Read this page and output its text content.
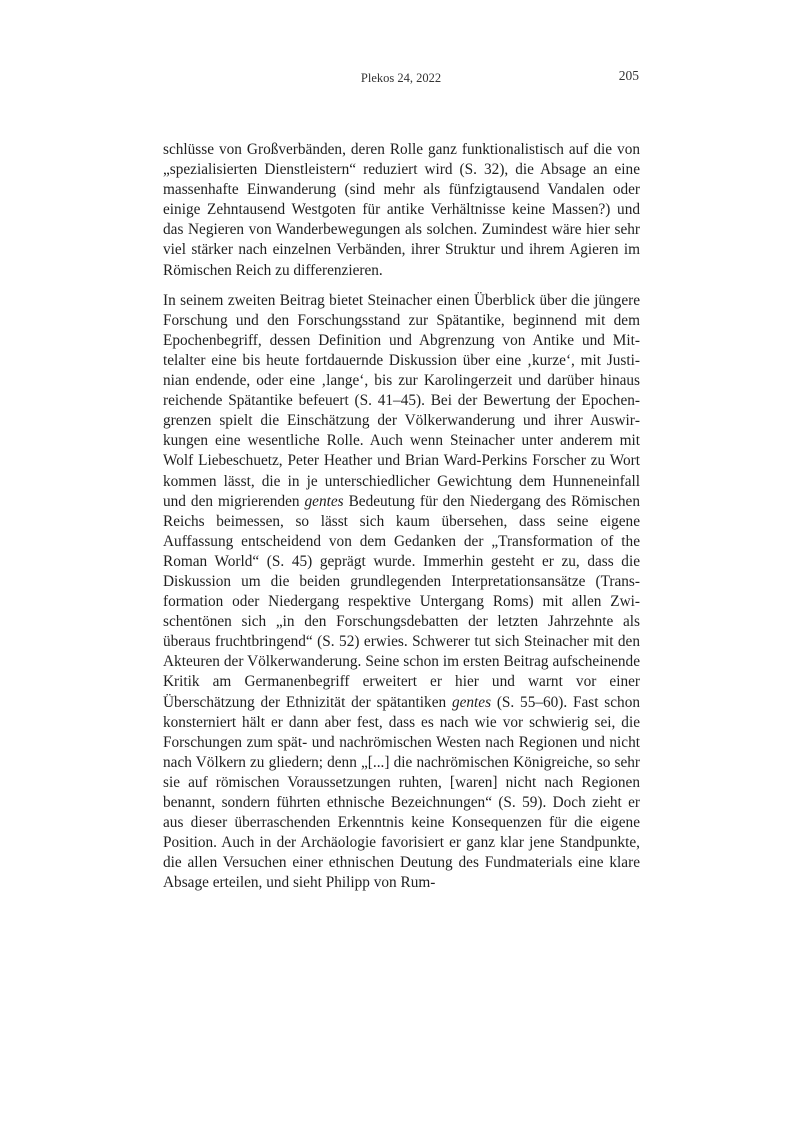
Plekos 24, 2022	205

schlüsse von Großverbänden, deren Rolle ganz funktionalistisch auf die von „spezialisierten Dienstleistern“ reduziert wird (S. 32), die Absage an eine massenhafte Einwanderung (sind mehr als fünfzigtausend Vandalen oder einige Zehntausend Westgoten für antike Verhältnisse keine Massen?) und das Negieren von Wanderbewegungen als solchen. Zumindest wäre hier sehr viel stärker nach einzelnen Verbänden, ihrer Struktur und ihrem Agieren im Römischen Reich zu differenzieren.

In seinem zweiten Beitrag bietet Steinacher einen Überblick über die jüngere Forschung und den Forschungsstand zur Spätantike, beginnend mit dem Epochenbegriff, dessen Definition und Abgrenzung von Antike und Mittelalter eine bis heute fortdauernde Diskussion über eine ‚kurze‘, mit Justinian endende, oder eine ‚lange‘, bis zur Karolingerzeit und darüber hinaus reichende Spätantike befeuert (S. 41–45). Bei der Bewertung der Epochengrenzen spielt die Einschätzung der Völkerwanderung und ihrer Auswirkungen eine wesentliche Rolle. Auch wenn Steinacher unter anderem mit Wolf Liebeschuetz, Peter Heather und Brian Ward-Perkins Forscher zu Wort kommen lässt, die in je unterschiedlicher Gewichtung dem Hunneneinfall und den migrierenden gentes Bedeutung für den Niedergang des Römischen Reichs beimessen, so lässt sich kaum übersehen, dass seine eigene Auffassung entscheidend von dem Gedanken der „Transformation of the Roman World“ (S. 45) geprägt wurde. Immerhin gesteht er zu, dass die Diskussion um die beiden grundlegenden Interpretationsansätze (Transformation oder Niedergang respektive Untergang Roms) mit allen Zwischentönen sich „in den Forschungsdebatten der letzten Jahrzehnte als überaus fruchtbringend“ (S. 52) erwies. Schwerer tut sich Steinacher mit den Akteuren der Völkerwanderung. Seine schon im ersten Beitrag aufscheinende Kritik am Germanenbegriff erweitert er hier und warnt vor einer Überschätzung der Ethnizität der spätantiken gentes (S. 55–60). Fast schon konsterniert hält er dann aber fest, dass es nach wie vor schwierig sei, die Forschungen zum spät- und nachrömischen Westen nach Regionen und nicht nach Völkern zu gliedern; denn „[...] die nachrömischen Königreiche, so sehr sie auf römischen Voraussetzungen ruhten, [waren] nicht nach Regionen benannt, sondern führten ethnische Bezeichnungen“ (S. 59). Doch zieht er aus dieser überraschenden Erkenntnis keine Konsequenzen für die eigene Position. Auch in der Archäologie favorisiert er ganz klar jene Standpunkte, die allen Versuchen einer ethnischen Deutung des Fundmaterials eine klare Absage erteilen, und sieht Philipp von Rum-
